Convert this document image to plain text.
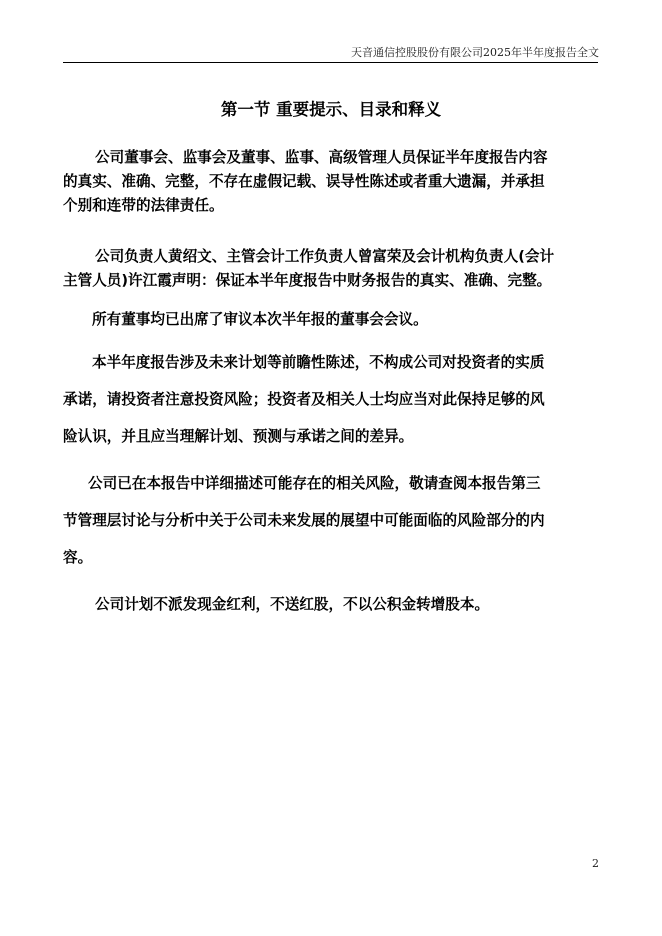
天音通信控股股份有限公司2025年半年度报告全文
第一节 重要提示、目录和释义
公司董事会、监事会及董事、监事、高级管理人员保证半年度报告内容
的真实、准确、完整，不存在虚假记载、误导性陈述或者重大遗漏，并承担
个别和连带的法律责任。
公司负责人黄绍文、主管会计工作负责人曾富荣及会计机构负责人(会计
主管人员)许江霞声明：保证本半年度报告中财务报告的真实、准确、完整。
所有董事均已出席了审议本次半年报的董事会会议。
本半年度报告涉及未来计划等前瞻性陈述，不构成公司对投资者的实质
承诺，请投资者注意投资风险；投资者及相关人士均应当对此保持足够的风
险认识，并且应当理解计划、预测与承诺之间的差异。
公司已在本报告中详细描述可能存在的相关风险，敬请查阅本报告第三
节管理层讨论与分析中关于公司未来发展的展望中可能面临的风险部分的内
容。
公司计划不派发现金红利，不送红股，不以公积金转增股本。
2
